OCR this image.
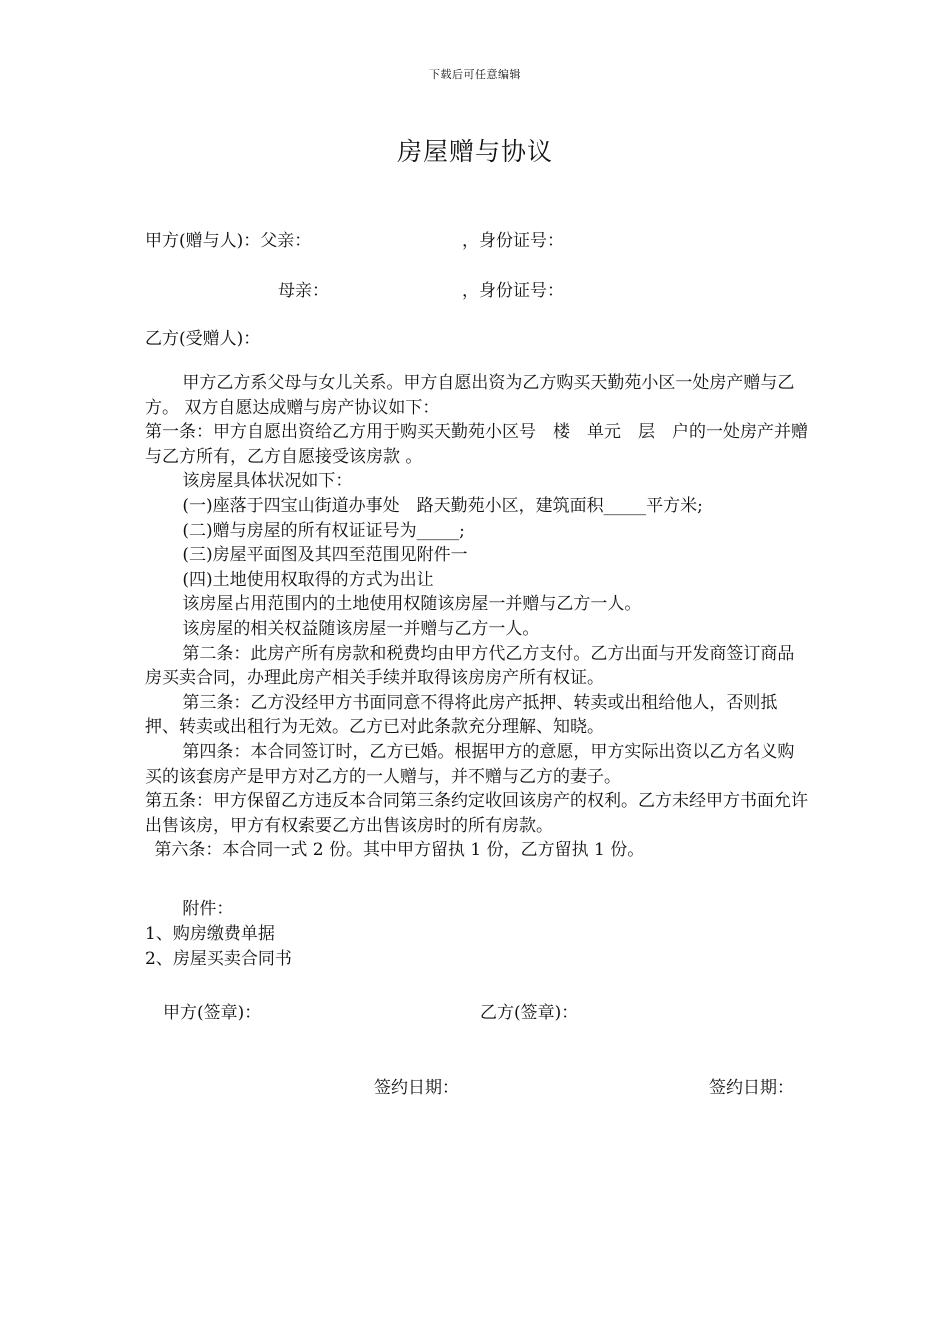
下载后可任意编辑
房屋赠与协议
甲方(赠与人)：父亲：	，身份证号：
母亲：	，身份证号：
乙方(受赠人)：

甲方乙方系父母与女儿关系。甲方自愿出资为乙方购买天勤苑小区一处房产赠与乙方。 双方自愿达成赠与房产协议如下：

第一条：甲方自愿出资给乙方用于购买天勤苑小区号　楼　单元　层　户的一处房产并赠与乙方所有，乙方自愿接受该房款 。

该房屋具体状况如下：

(一)座落于四宝山街道办事处　路天勤苑小区，建筑面积_____平方米;

(二)赠与房屋的所有权证证号为_____;

(三)房屋平面图及其四至范围见附件一

(四)土地使用权取得的方式为出让

该房屋占用范围内的土地使用权随该房屋一并赠与乙方一人。

该房屋的相关权益随该房屋一并赠与乙方一人。

第二条：此房产所有房款和税费均由甲方代乙方支付。乙方出面与开发商签订商品房买卖合同，办理此房产相关手续并取得该房房产所有权证。

第三条：乙方没经甲方书面同意不得将此房产抵押、转卖或出租给他人，否则抵押、转卖或出租行为无效。乙方已对此条款充分理解、知晓。

第四条：本合同签订时，乙方已婚。根据甲方的意愿，甲方实际出资以乙方名义购买的该套房产是甲方对乙方的一人赠与，并不赠与乙方的妻子。

第五条：甲方保留乙方违反本合同第三条约定收回该房产的权利。乙方未经甲方书面允许出售该房，甲方有权索要乙方出售该房时的所有房款。

第六条：本合同一式 2 份。其中甲方留执 1 份，乙方留执 1 份。

附件：

1、购房缴费单据

2、房屋买卖合同书

甲方(签章)：	乙方(签章)：
签约日期：	签约日期：
